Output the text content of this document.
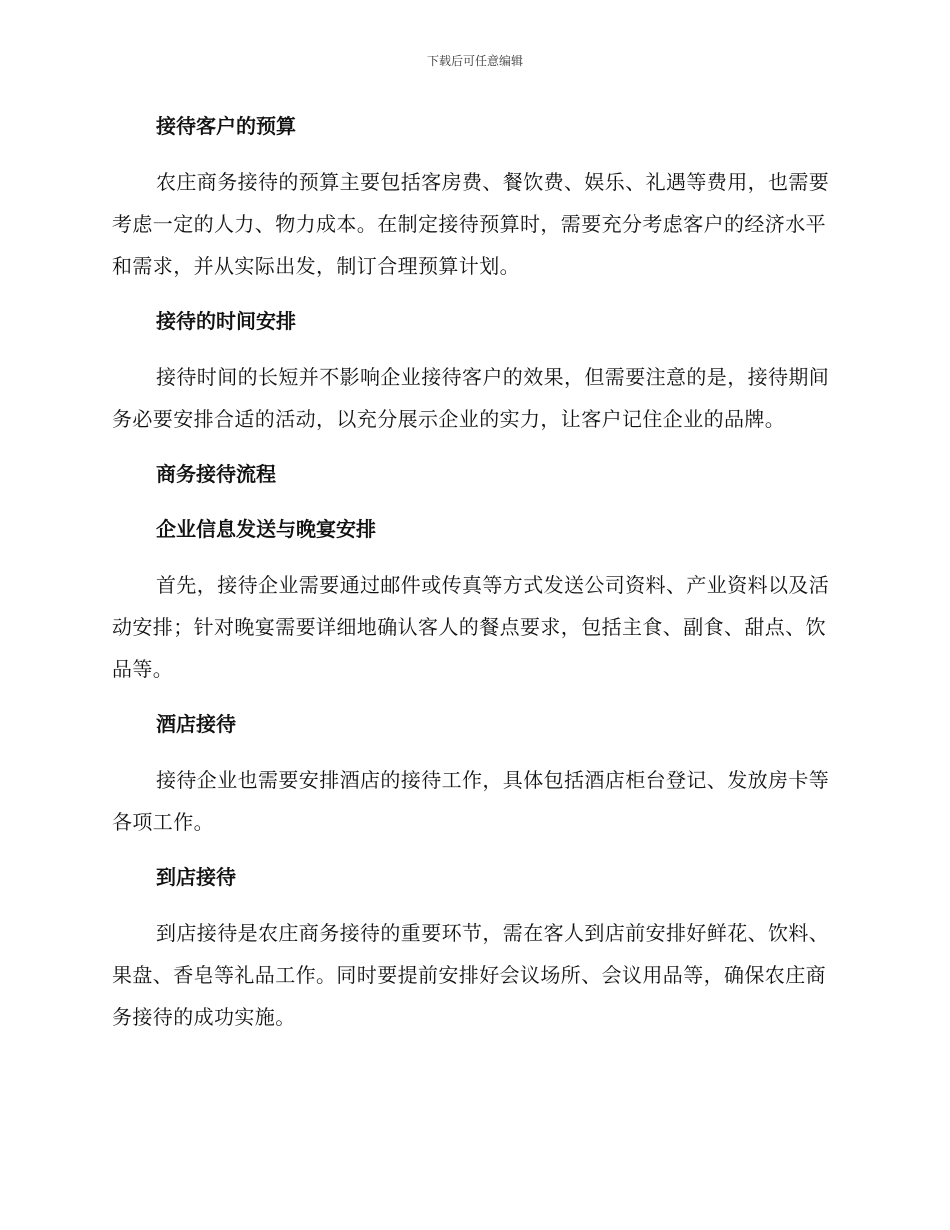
下载后可任意编辑
接待客户的预算

农庄商务接待的预算主要包括客房费、餐饮费、娱乐、礼遇等费用，也需要考虑一定的人力、物力成本。在制定接待预算时，需要充分考虑客户的经济水平和需求，并从实际出发，制订合理预算计划。

接待的时间安排

接待时间的长短并不影响企业接待客户的效果，但需要注意的是，接待期间务必要安排合适的活动，以充分展示企业的实力，让客户记住企业的品牌。

商务接待流程
企业信息发送与晚宴安排

首先，接待企业需要通过邮件或传真等方式发送公司资料、产业资料以及活动安排；针对晚宴需要详细地确认客人的餐点要求，包括主食、副食、甜点、饮品等。

酒店接待

接待企业也需要安排酒店的接待工作，具体包括酒店柜台登记、发放房卡等各项工作。

到店接待

到店接待是农庄商务接待的重要环节，需在客人到店前安排好鲜花、饮料、果盘、香皂等礼品工作。同时要提前安排好会议场所、会议用品等，确保农庄商务接待的成功实施。
